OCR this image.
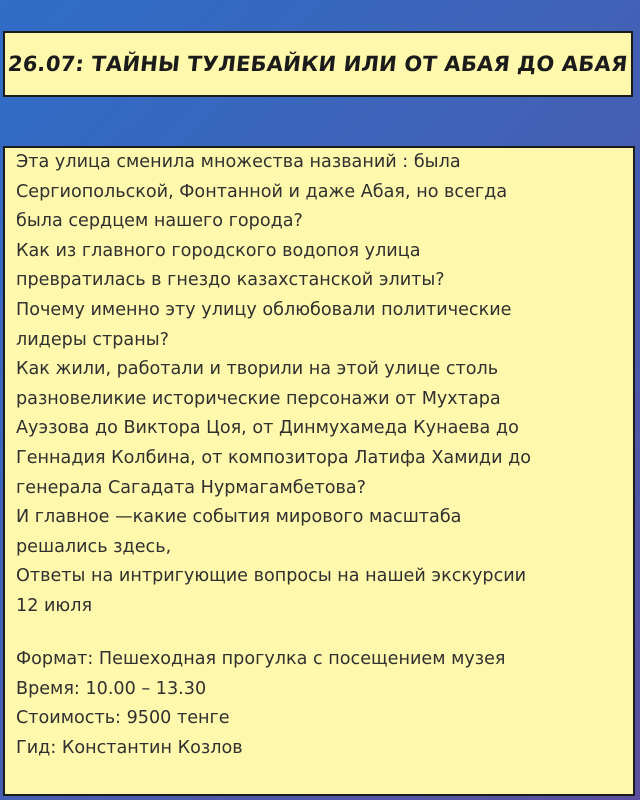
26.07: ТАЙНЫ ТУЛЕБАЙКИ ИЛИ ОТ АБАЯ ДО АБАЯ
Эта улица сменила множества названий : была
Сергиопольской, Фонтанной и даже Абая, но всегда
была сердцем нашего города?
Как из главного городского водопоя улица
превратилась в гнездо казахстанской элиты?
Почему именно эту улицу облюбовали политические
лидеры страны?
Как жили, работали и творили на этой улице столь
разновеликие исторические персонажи от Мухтара
Ауэзова до Виктора Цоя, от Динмухамеда Кунаева до
Геннадия Колбина, от композитора Латифа Хамиди до
генерала Сагадата Нурмагамбетова?
И главное —какие события мирового масштаба
решались здесь,
Ответы на интригующие вопросы на нашей экскурсии
12 июля
Формат: Пешеходная прогулка с посещением музея
Время: 10.00 – 13.30
Стоимость: 9500 тенге
Гид: Константин Козлов
